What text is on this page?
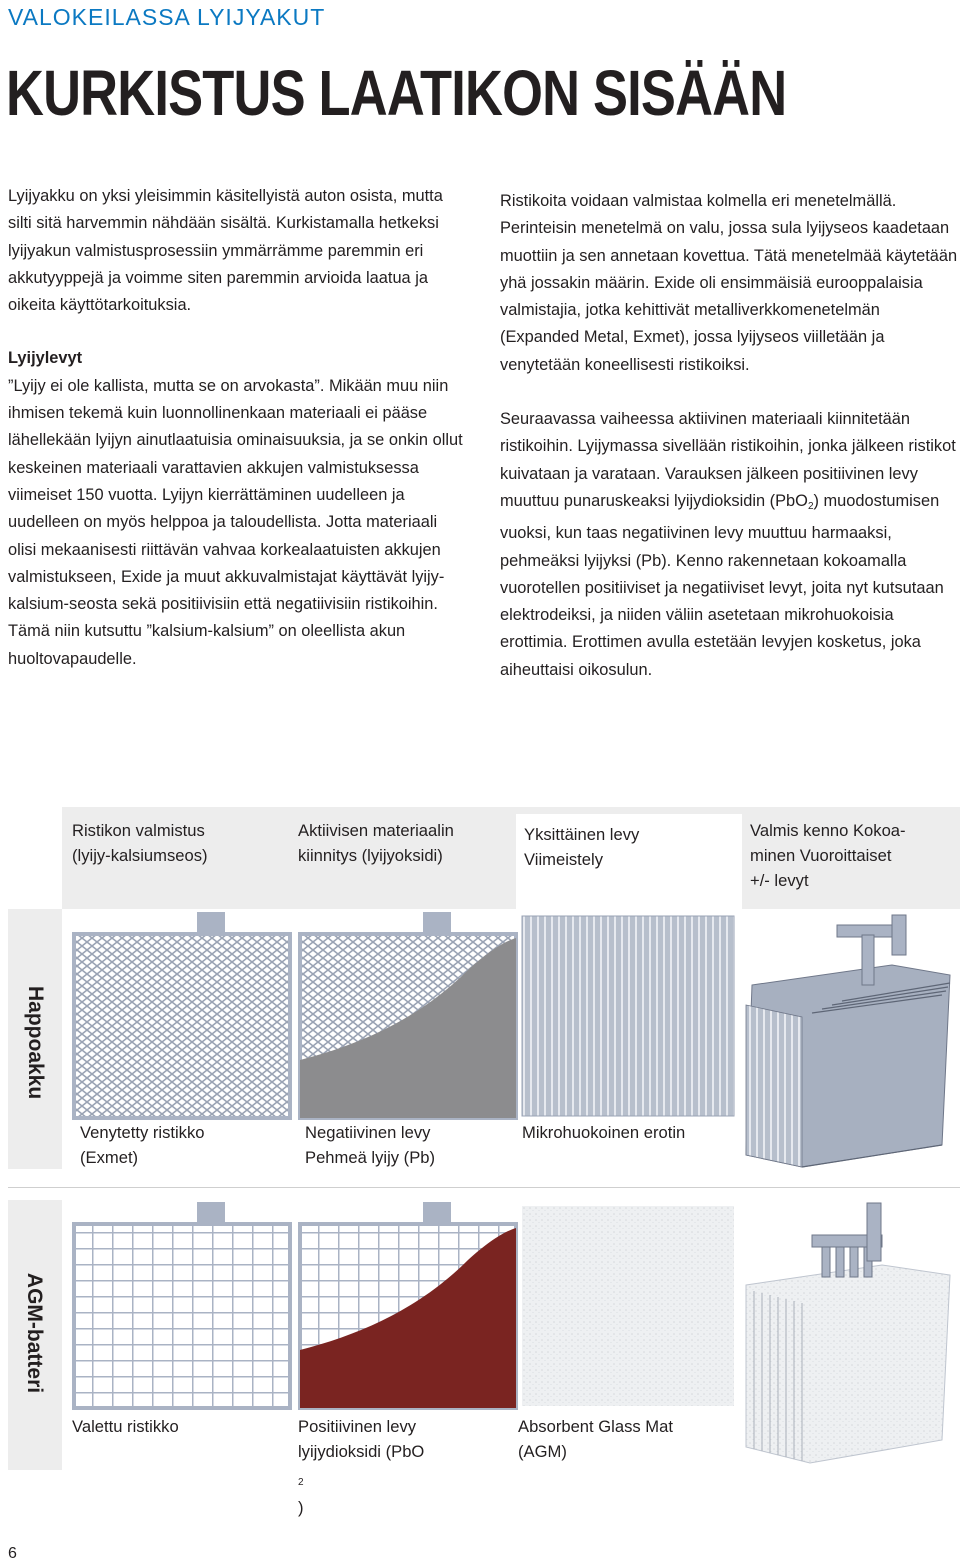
VALOKEILASSA LYIJYAKUT
KURKISTUS LAATIKON SISÄÄN

Lyijyakku on yksi yleisimmin käsitellyistä auton osista, mutta silti sitä harvemmin nähdään sisältä. Kurkistamalla hetkeksi lyijyakun valmistusprosessiin ymmärrämme paremmin eri akkutyyppejä ja voimme siten paremmin arvioida laatua ja oikeita käyttötarkoituksia.

Lyijylevyt

”Lyijy ei ole kallista, mutta se on arvokasta”. Mikään muu niin ihmisen tekemä kuin luonnollinenkaan materiaali ei pääse lähellekään lyijyn ainutlaatuisia ominaisuuksia, ja se onkin ollut keskeinen materiaali varattavien akkujen valmistuksessa viimeiset 150 vuotta. Lyijyn kierrättäminen uudelleen ja uudelleen on myös helppoa ja taloudellista. Jotta materiaali olisi mekaanisesti riittävän vahvaa korkealaatuisten akkujen valmistukseen, Exide ja muut akkuvalmistajat käyttävät lyijy-kalsium-seosta sekä positiivisiin että negatiivisiin ristikoihin. Tämä niin kutsuttu ”kalsium-kalsium” on oleellista akun huoltovapaudelle.

Ristikoita voidaan valmistaa kolmella eri menetelmällä. Perinteisin menetelmä on valu, jossa sula lyijyseos kaadetaan muottiin ja sen annetaan kovettua. Tätä menetelmää käytetään yhä jossakin määrin. Exide oli ensimmäisiä eurooppalaisia valmistajia, jotka kehittivät metalliverkkomenetelmän (Expanded Metal, Exmet), jossa lyijyseos viilletään ja venytetään koneellisesti ristikoiksi.

Seuraavassa vaiheessa aktiivinen materiaali kiinnitetään ristikoihin. Lyijymassa sivellään ristikoihin, jonka jälkeen ristikot kuivataan ja varataan. Varauksen jälkeen positiivinen levy muuttuu punaruskeaksi lyijydioksidin (PbO$_2$) muodostumisen vuoksi, kun taas negatiivinen levy muuttuu harmaaksi, pehmeäksi lyijyksi (Pb). Kenno rakennetaan kokoamalla vuorotellen positiiviset ja negatiiviset levyt, joita nyt kutsutaan elektrodeiksi, ja niiden väliin asetetaan mikrohuokoisia erottimia. Erottimen avulla estetään levyjen kosketus, joka aiheuttaisi oikosulun.

Ristikon valmistus
(lyijy-kalsiumseos)
Aktiivisen materiaalin
kiinnitys (lyijyoksidi)
Yksittäinen levy
Viimeistely
Valmis kenno Kokoa-
minen Vuoroittaiset
+/- levyt
Happoakku
AGM-batteri
Venytetty ristikko
(Exmet)
Negatiivinen levy
Pehmeä lyijy (Pb)
Mikrohuokoinen erotin
Valettu ristikko	Positiivinen levy
lyijydioksidi (PbO
$_2$
)
Absorbent Glass Mat
(AGM)
6
